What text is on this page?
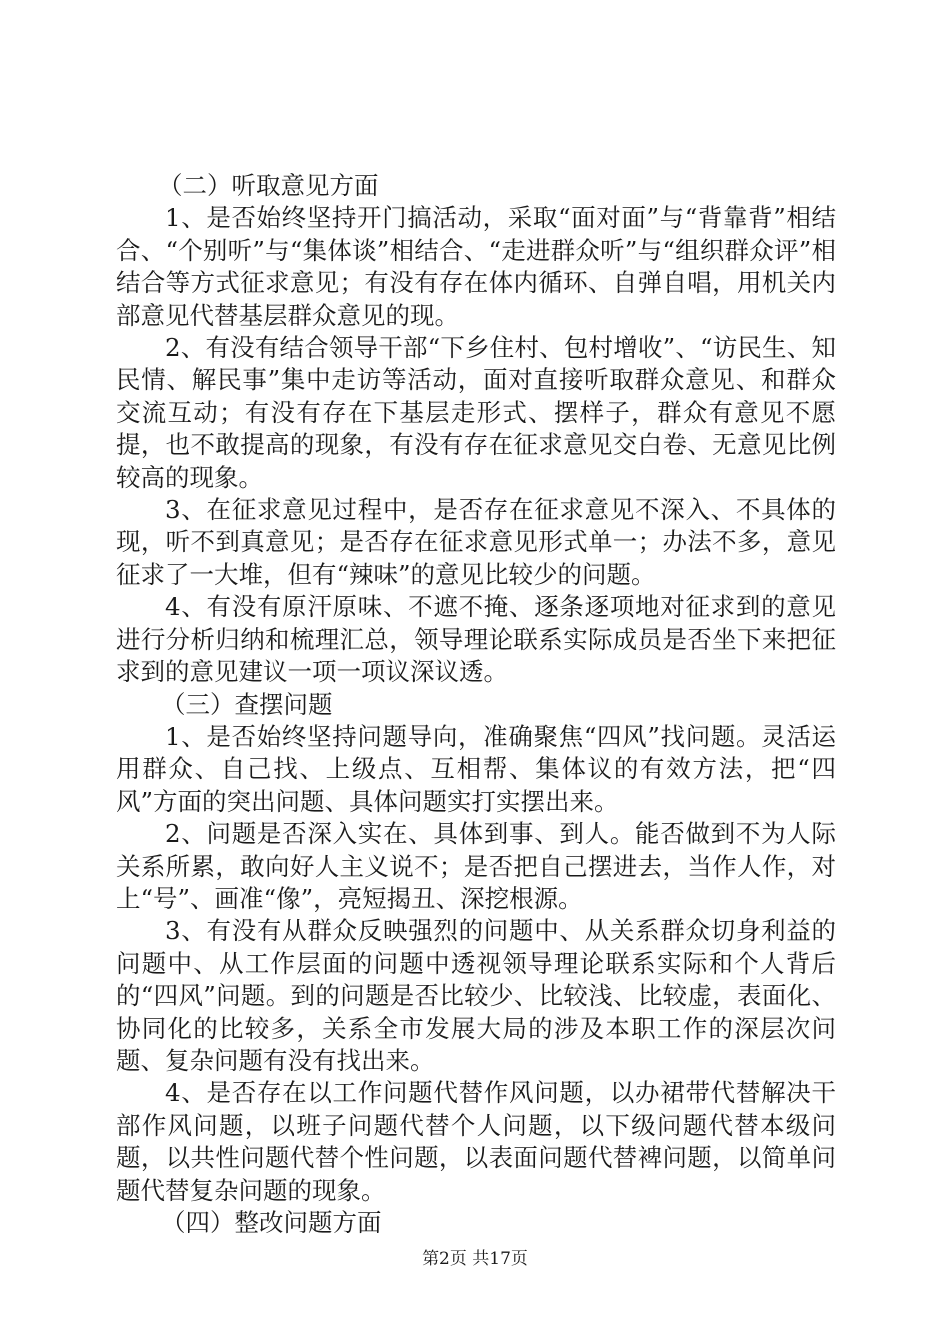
（二）听取意见方面

1、是否始终坚持开门搞活动，采取“面对面”与“背靠背”相结合、“个别听”与“集体谈”相结合、“走进群众听”与“组织群众评”相结合等方式征求意见；有没有存在体内循环、自弹自唱，用机关内部意见代替基层群众意见的现。

2、有没有结合领导干部“下乡住村、包村增收”、“访民生、知民情、解民事”集中走访等活动，面对直接听取群众意见、和群众交流互动；有没有存在下基层走形式、摆样子，群众有意见不愿提，也不敢提高的现象，有没有存在征求意见交白卷、无意见比例较高的现象。

3、在征求意见过程中，是否存在征求意见不深入、不具体的现，听不到真意见；是否存在征求意见形式单一；办法不多，意见征求了一大堆，但有“辣味”的意见比较少的问题。

4、有没有原汗原味、不遮不掩、逐条逐项地对征求到的意见进行分析归纳和梳理汇总，领导理论联系实际成员是否坐下来把征求到的意见建议一项一项议深议透。

（三）查摆问题

1、是否始终坚持问题导向，准确聚焦“四风”找问题。灵活运用群众、自己找、上级点、互相帮、集体议的有效方法，把“四风”方面的突出问题、具体问题实打实摆出来。

2、问题是否深入实在、具体到事、到人。能否做到不为人际关系所累，敢向好人主义说不；是否把自己摆进去，当作人作，对上“号”、画准“像”，亮短揭丑、深挖根源。

3、有没有从群众反映强烈的问题中、从关系群众切身利益的问题中、从工作层面的问题中透视领导理论联系实际和个人背后的“四风”问题。到的问题是否比较少、比较浅、比较虚，表面化、协同化的比较多，关系全市发展大局的涉及本职工作的深层次问题、复杂问题有没有找出来。

4、是否存在以工作问题代替作风问题，以办裙带代替解决干部作风问题，以班子问题代替个人问题，以下级问题代替本级问题，以共性问题代替个性问题，以表面问题代替裨问题，以简单问题代替复杂问题的现象。

（四）整改问题方面

第2页 共17页
